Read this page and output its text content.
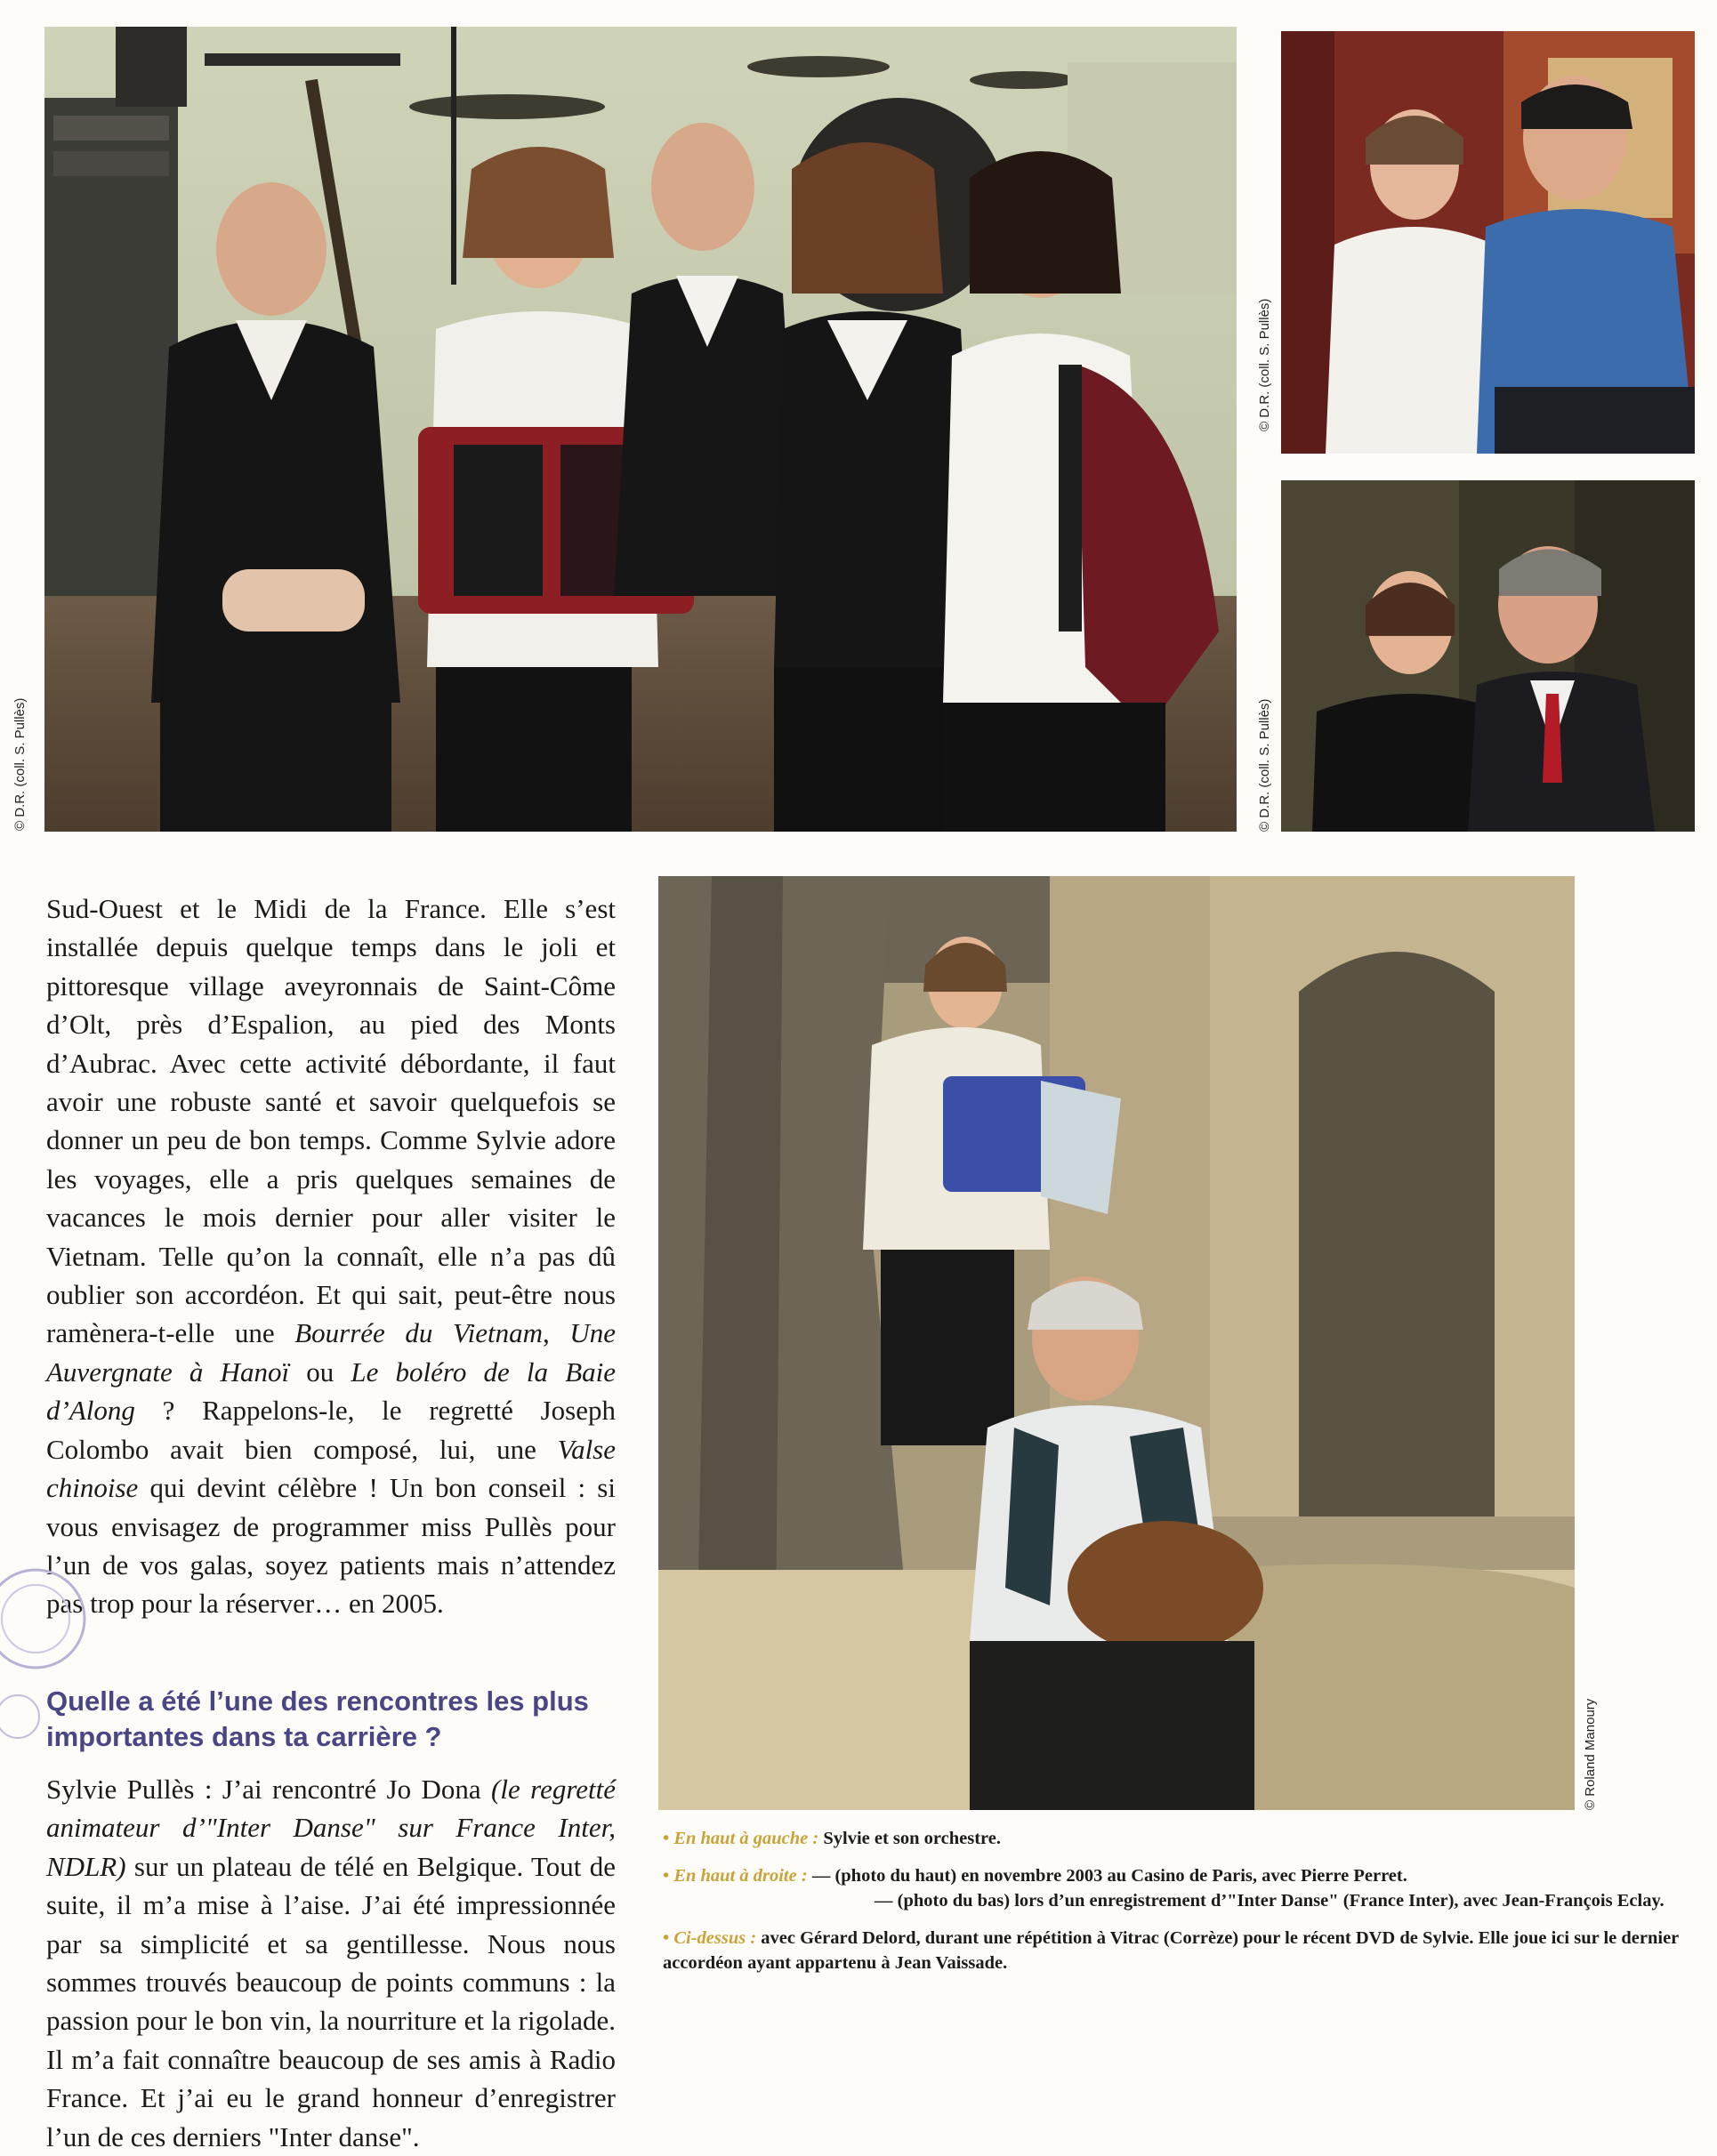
© D.R. (coll. S. Pullès)
© D.R. (coll. S. Pullès)
© D.R. (coll. S. Pullès)
© Roland Manoury

Sud-Ouest et le Midi de la France. Elle s’est installée depuis quelque temps dans le joli et pittoresque village aveyronnais de Saint-Côme d’Olt, près d’Espalion, au pied des Monts d’Aubrac. Avec cette activité débordante, il faut avoir une robuste santé et savoir quelquefois se donner un peu de bon temps. Comme Sylvie adore les voyages, elle a pris quelques semaines de vacances le mois dernier pour aller visiter le Vietnam. Telle qu’on la connaît, elle n’a pas dû oublier son accordéon. Et qui sait, peut-être nous ramènera-t-elle une Bourrée du Vietnam, Une Auvergnate à Hanoï ou Le boléro de la Baie d’Along ? Rappelons-le, le regretté Joseph Colombo avait bien composé, lui, une Valse chinoise qui devint célèbre ! Un bon conseil : si vous envisagez de programmer miss Pullès pour l’un de vos galas, soyez patients mais n’attendez pas trop pour la réserver… en 2005.

Quelle a été l’une des rencontres les plus importantes dans ta carrière ?

Sylvie Pullès : J’ai rencontré Jo Dona (le regretté animateur d’"Inter Danse" sur France Inter, NDLR) sur un plateau de télé en Belgique. Tout de suite, il m’a mise à l’aise. J’ai été impressionnée par sa simplicité et sa gentillesse. Nous nous sommes trouvés beaucoup de points communs : la passion pour le bon vin, la nourriture et la rigolade. Il m’a fait connaître beaucoup de ses amis à Radio France. Et j’ai eu le grand honneur d’enregistrer l’un de ces derniers "Inter danse".

• En haut à gauche : Sylvie et son orchestre.
• En haut à droite : — (photo du haut) en novembre 2003 au Casino de Paris, avec Pierre Perret.
— (photo du bas) lors d’un enregistrement d’"Inter Danse" (France Inter), avec Jean-François Eclay.
• Ci-dessus : avec Gérard Delord, durant une répétition à Vitrac (Corrèze) pour le récent DVD de Sylvie. Elle joue ici sur le dernier accordéon ayant appartenu à Jean Vaissade.
